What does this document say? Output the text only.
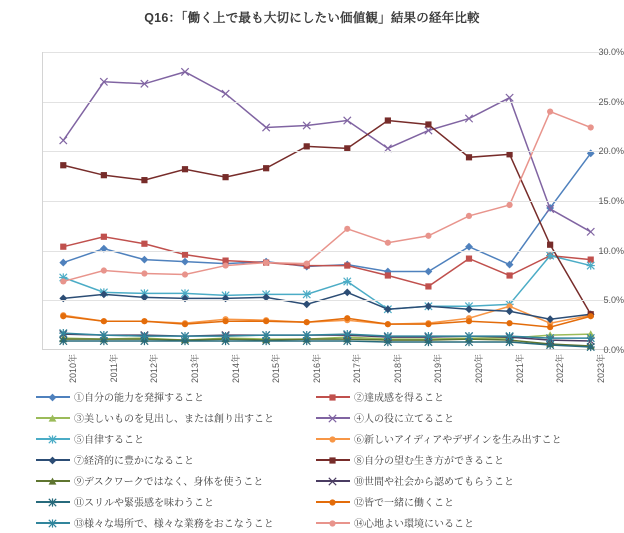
Q16：「働く上で最も大切にしたい価値観」結果の経年比較
0.0%
5.0%
10.0%
15.0%
20.0%
25.0%
30.0%
2010年	2011年	2012年	2013年	2014年	2015年	2016年	2017年	2018年	2019年	2020年	2021年	2022年	2023年
①自分の能力を発揮すること	②達成感を得ること
③美しいものを見出し、または創り出すこと	④人の役に立てること
⑤自律すること	⑥新しいアイディアやデザインを生み出すこと
⑦経済的に豊かになること	⑧自分の望む生き方ができること
⑨デスクワークではなく、身体を使うこと	⑩世間や社会から認めてもらうこと
⑪スリルや緊張感を味わうこと	⑫皆で一緒に働くこと
⑬様々な場所で、様々な業務をおこなうこと	⑭心地よい環境にいること
